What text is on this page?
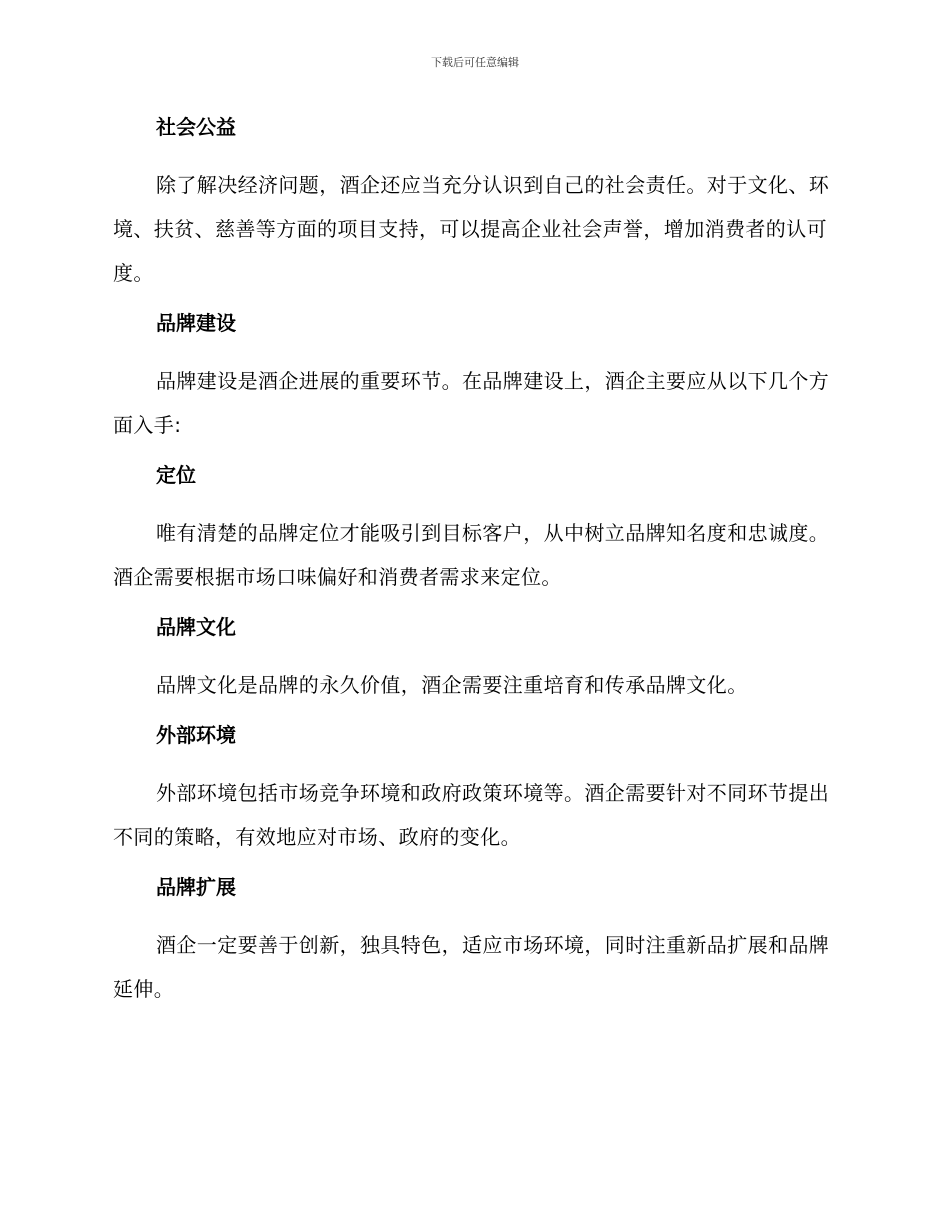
下载后可任意编辑
社会公益

除了解决经济问题，酒企还应当充分认识到自己的社会责任。对于文化、环境、扶贫、慈善等方面的项目支持，可以提高企业社会声誉，增加消费者的认可度。

品牌建设

品牌建设是酒企进展的重要环节。在品牌建设上，酒企主要应从以下几个方面入手:

定位

唯有清楚的品牌定位才能吸引到目标客户，从中树立品牌知名度和忠诚度。酒企需要根据市场口味偏好和消费者需求来定位。

品牌文化

品牌文化是品牌的永久价值，酒企需要注重培育和传承品牌文化。

外部环境

外部环境包括市场竞争环境和政府政策环境等。酒企需要针对不同环节提出不同的策略，有效地应对市场、政府的变化。

品牌扩展

酒企一定要善于创新，独具特色，适应市场环境，同时注重新品扩展和品牌延伸。
